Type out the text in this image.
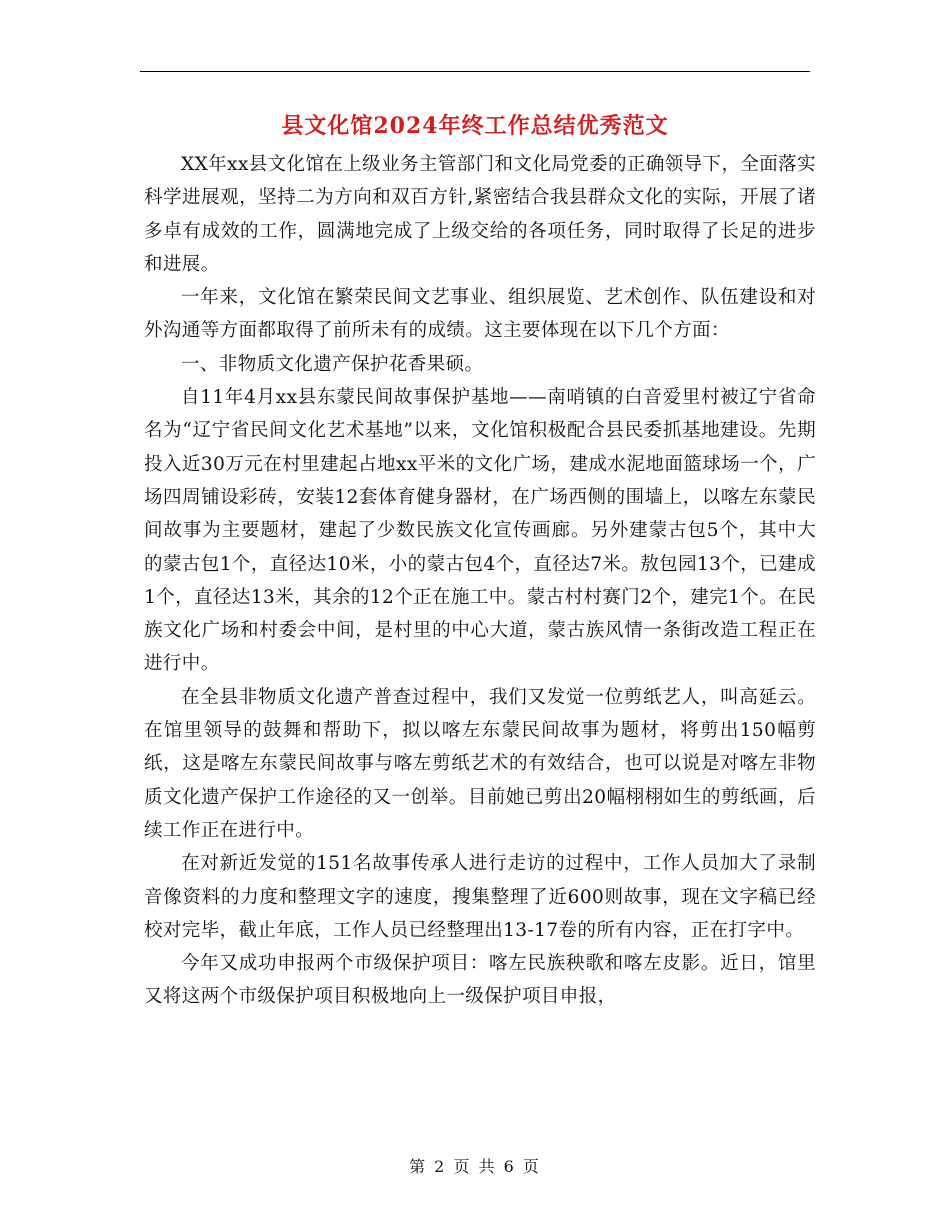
县文化馆2024年终工作总结优秀范文

XX年xx县文化馆在上级业务主管部门和文化局党委的正确领导下，全面落实科学进展观，坚持二为方向和双百方针,紧密结合我县群众文化的实际，开展了诸多卓有成效的工作，圆满地完成了上级交给的各项任务，同时取得了长足的进步和进展。

一年来，文化馆在繁荣民间文艺事业、组织展览、艺术创作、队伍建设和对外沟通等方面都取得了前所未有的成绩。这主要体现在以下几个方面：

一、非物质文化遗产保护花香果硕。

自11年4月xx县东蒙民间故事保护基地——南哨镇的白音爱里村被辽宁省命名为“辽宁省民间文化艺术基地”以来，文化馆积极配合县民委抓基地建设。先期投入近30万元在村里建起占地xx平米的文化广场，建成水泥地面篮球场一个，广场四周铺设彩砖，安装12套体育健身器材，在广场西侧的围墙上，以喀左东蒙民间故事为主要题材，建起了少数民族文化宣传画廊。另外建蒙古包5个，其中大的蒙古包1个，直径达10米，小的蒙古包4个，直径达7米。敖包园13个，已建成1个，直径达13米，其余的12个正在施工中。蒙古村村赛门2个，建完1个。在民族文化广场和村委会中间，是村里的中心大道，蒙古族风情一条街改造工程正在进行中。

在全县非物质文化遗产普查过程中，我们又发觉一位剪纸艺人，叫高延云。在馆里领导的鼓舞和帮助下，拟以喀左东蒙民间故事为题材，将剪出150幅剪纸，这是喀左东蒙民间故事与喀左剪纸艺术的有效结合，也可以说是对喀左非物质文化遗产保护工作途径的又一创举。目前她已剪出20幅栩栩如生的剪纸画，后续工作正在进行中。

在对新近发觉的151名故事传承人进行走访的过程中，工作人员加大了录制音像资料的力度和整理文字的速度，搜集整理了近600则故事，现在文字稿已经校对完毕，截止年底，工作人员已经整理出13-17卷的所有内容，正在打字中。

今年又成功申报两个市级保护项目：喀左民族秧歌和喀左皮影。近日，馆里又将这两个市级保护项目积极地向上一级保护项目申报，

第 2 页 共 6 页
